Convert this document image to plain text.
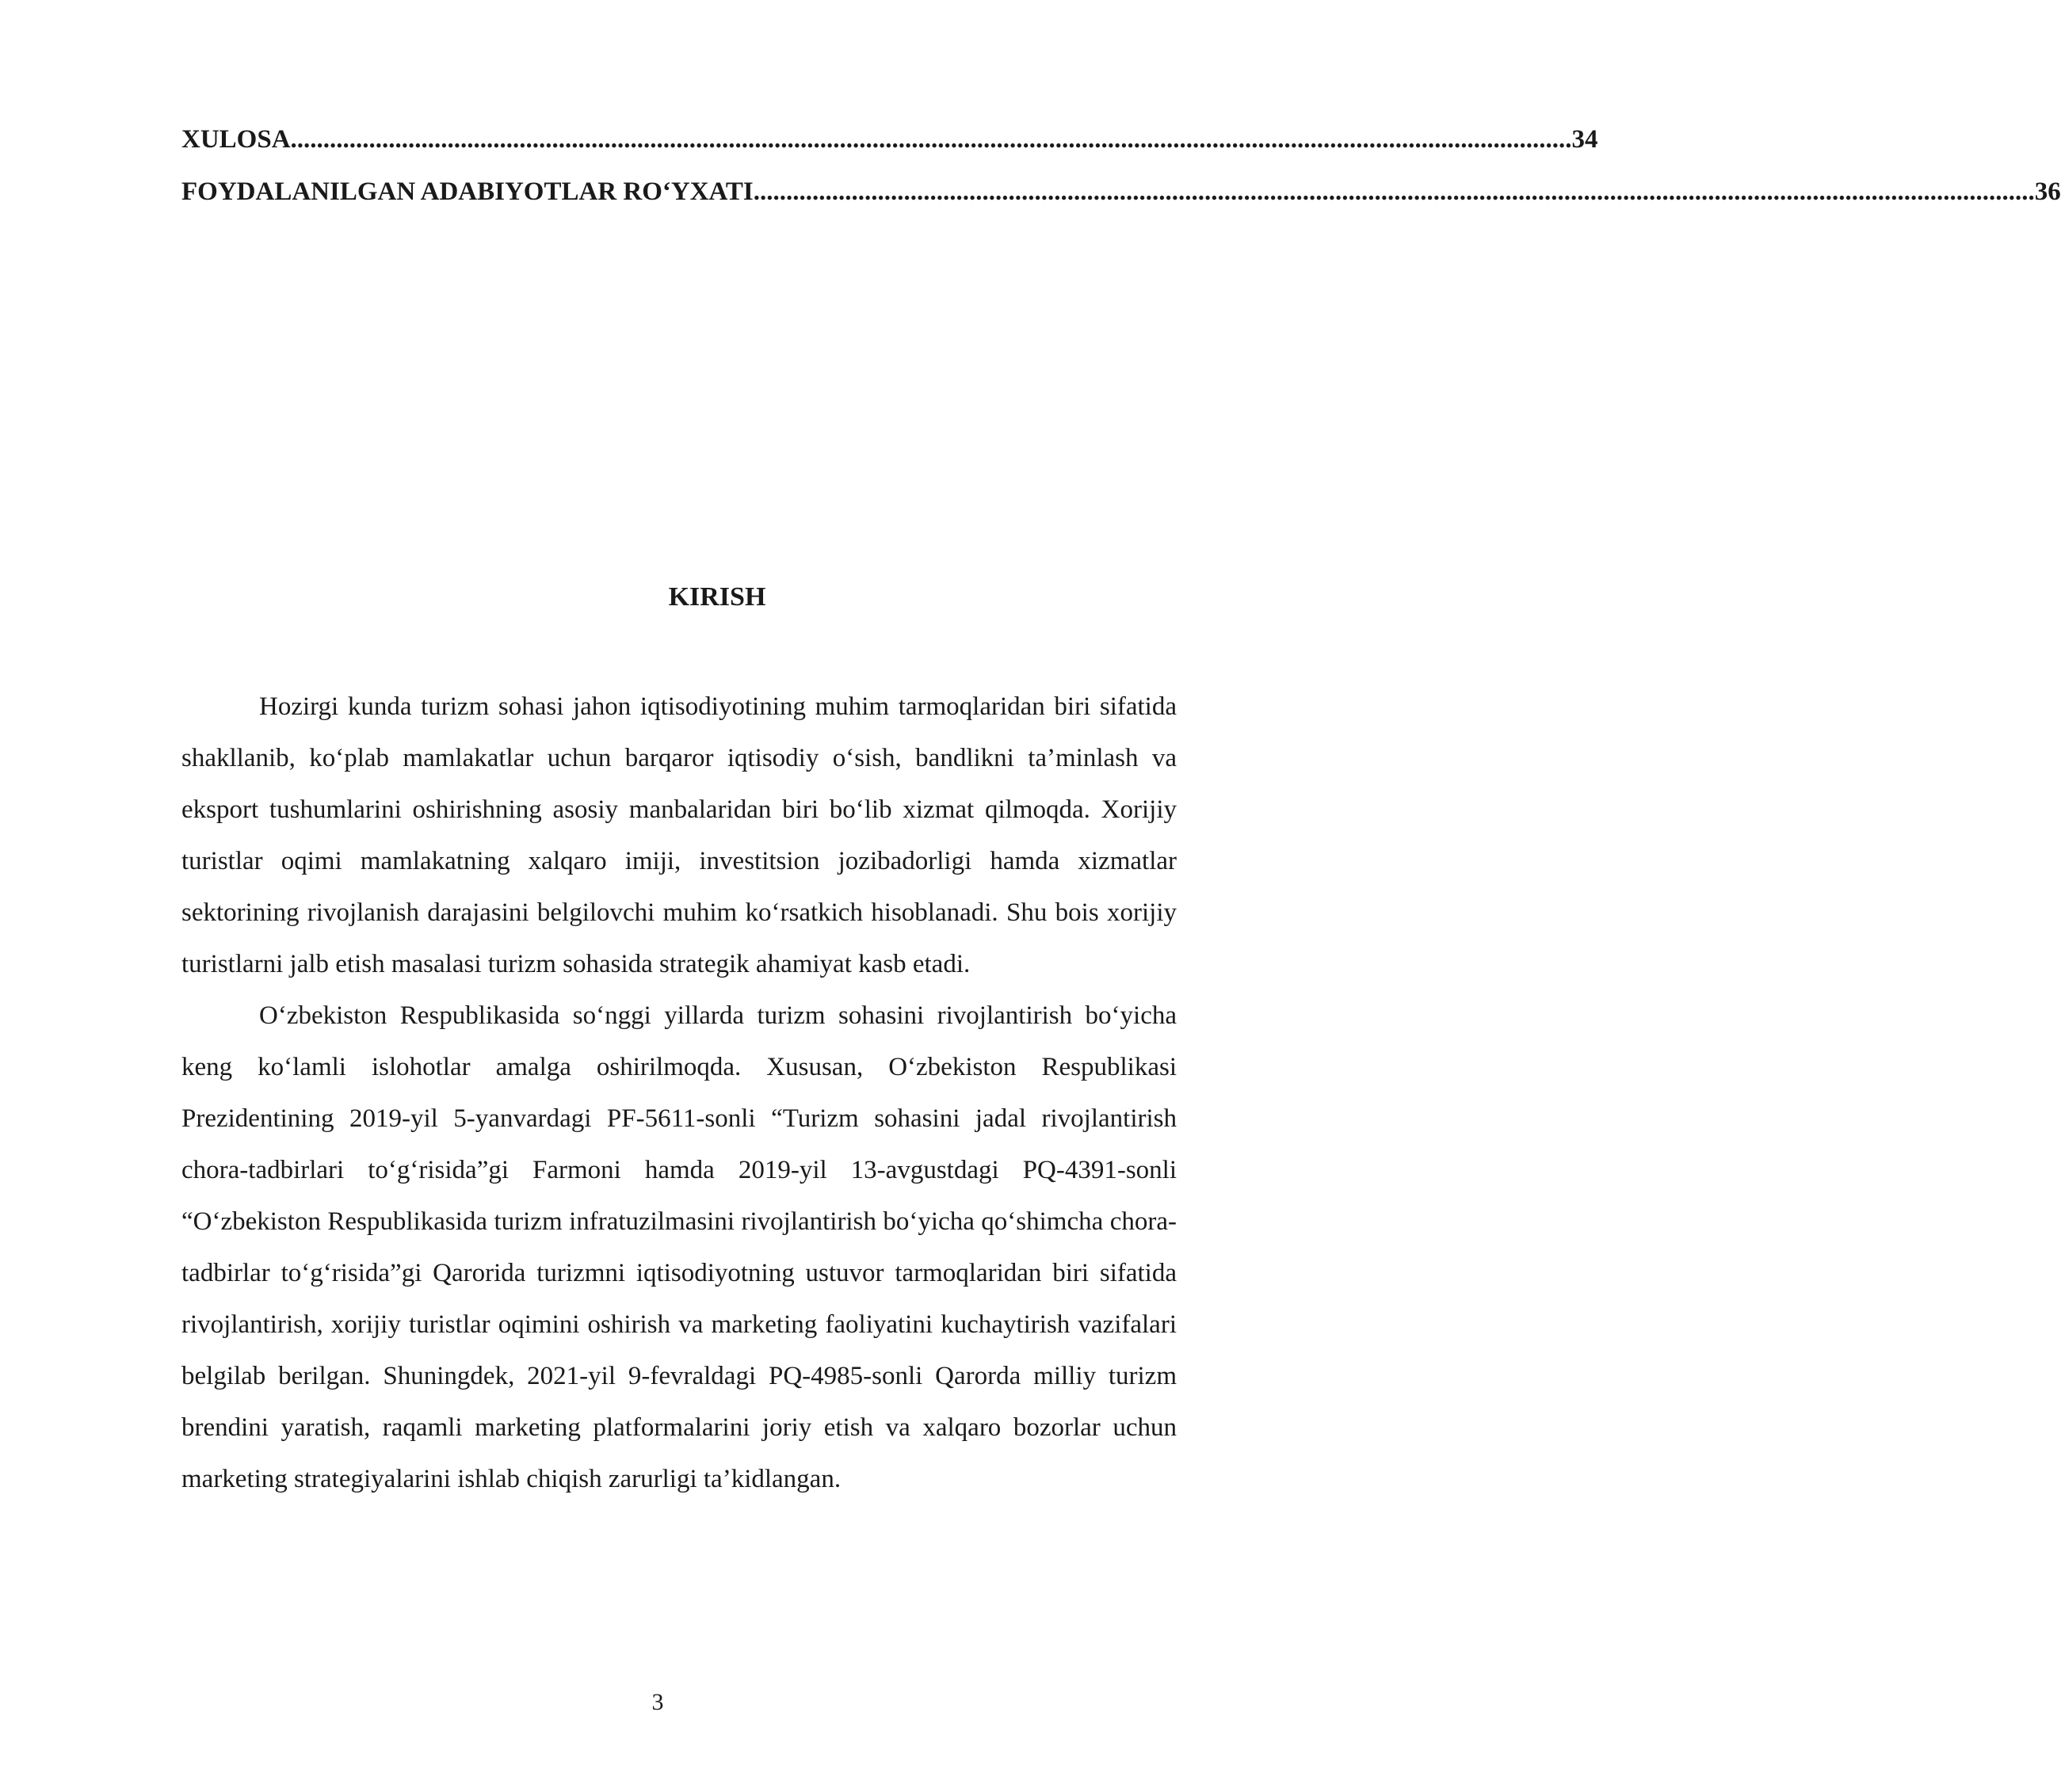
XULOSA .................................................................................................................................................................................................... 34
FOYDALANILGAN ADABIYOTLAR RO‘YXATI .................................................................................................................................................................................................... 36
KIRISH

Hozirgi kunda turizm sohasi jahon iqtisodiyotining muhim tarmoqlaridan biri sifatida shakllanib, ko‘plab mamlakatlar uchun barqaror iqtisodiy o‘sish, bandlikni ta’minlash va eksport tushumlarini oshirishning asosiy manbalaridan biri bo‘lib xizmat qilmoqda. Xorijiy turistlar oqimi mamlakatning xalqaro imiji, investitsion jozibadorligi hamda xizmatlar sektorining rivojlanish darajasini belgilovchi muhim ko‘rsatkich hisoblanadi. Shu bois xorijiy turistlarni jalb etish masalasi turizm sohasida strategik ahamiyat kasb etadi.

O‘zbekiston Respublikasida so‘nggi yillarda turizm sohasini rivojlantirish bo‘yicha keng ko‘lamli islohotlar amalga oshirilmoqda. Xususan, O‘zbekiston Respublikasi Prezidentining 2019-yil 5-yanvardagi PF-5611-sonli “Turizm sohasini jadal rivojlantirish chora-tadbirlari to‘g‘risida”gi Farmoni hamda 2019-yil 13-avgustdagi PQ-4391-sonli “O‘zbekiston Respublikasida turizm infratuzilmasini rivojlantirish bo‘yicha qo‘shimcha chora-tadbirlar to‘g‘risida”gi Qarorida turizmni iqtisodiyotning ustuvor tarmoqlaridan biri sifatida rivojlantirish, xorijiy turistlar oqimini oshirish va marketing faoliyatini kuchaytirish vazifalari belgilab berilgan. Shuningdek, 2021-yil 9-fevraldagi PQ-4985-sonli Qarorda milliy turizm brendini yaratish, raqamli marketing platformalarini joriy etish va xalqaro bozorlar uchun marketing strategiyalarini ishlab chiqish zarurligi ta’kidlangan.

3
